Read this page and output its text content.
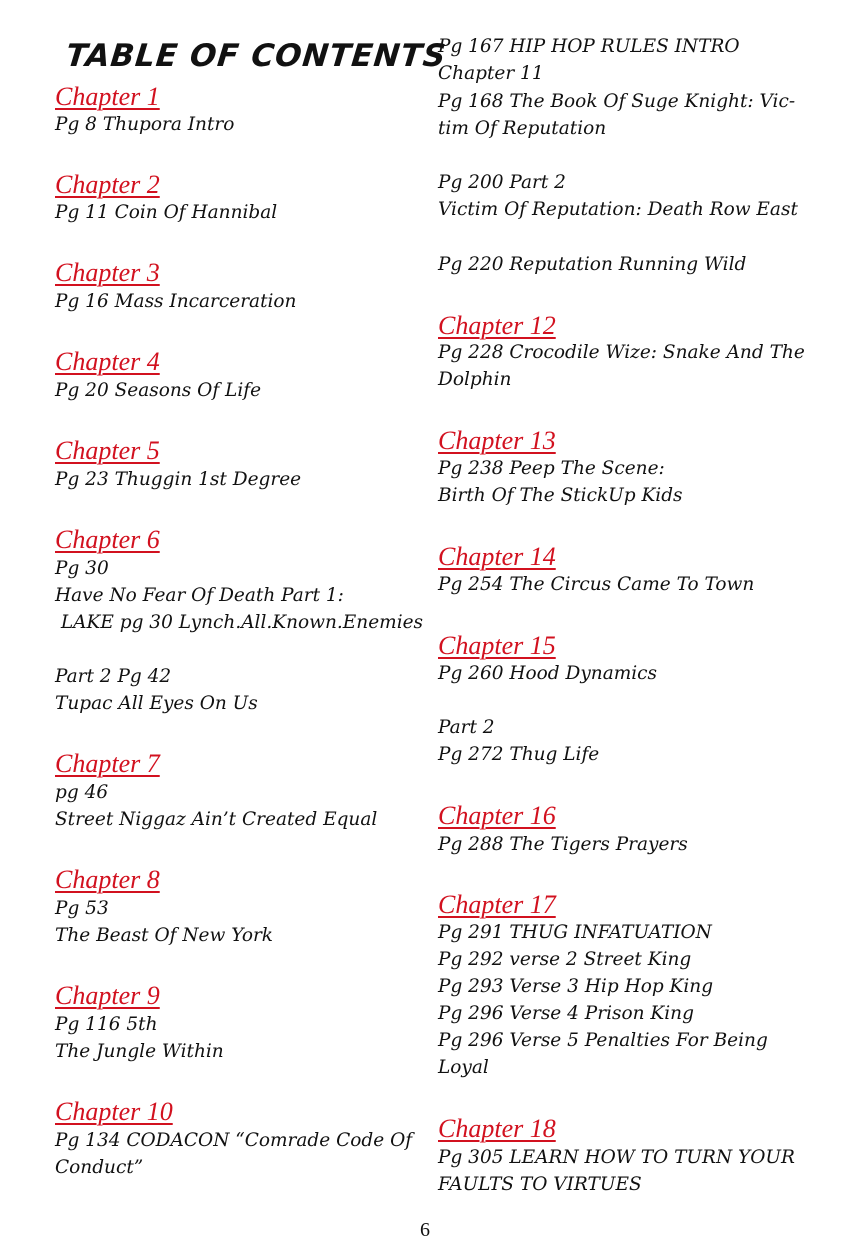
TABLE OF CONTENTS
Chapter 1
Pg 8 Thupora Intro
Chapter 2
Pg 11 Coin Of Hannibal
Chapter 3
Pg 16 Mass Incarceration
Chapter 4
Pg 20 Seasons Of Life
Chapter 5
Pg 23 Thuggin 1st Degree
Chapter 6
Pg 30
Have No Fear Of Death Part 1:
LAKE pg 30 Lynch.All.Known.Enemies
Part 2 Pg 42
Tupac All Eyes On Us
Chapter 7
pg 46
Street Niggaz Ain’t Created Equal
Chapter 8
Pg 53
The Beast Of New York
Chapter 9
Pg 116 5th
The Jungle Within
Chapter 10
Pg 134 CODACON “Comrade Code Of
Conduct”
Pg 167 HIP HOP RULES INTRO
Chapter 11
Pg 168 The Book Of Suge Knight: Vic-
tim Of Reputation
Pg 200 Part 2
Victim Of Reputation: Death Row East
Pg 220 Reputation Running Wild
Chapter 12
Pg 228 Crocodile Wize: Snake And The
Dolphin
Chapter 13
Pg 238 Peep The Scene:
Birth Of The StickUp Kids
Chapter 14
Pg 254 The Circus Came To Town
Chapter 15
Pg 260 Hood Dynamics
Part 2
Pg 272 Thug Life
Chapter 16
Pg 288 The Tigers Prayers
Chapter 17
Pg 291 THUG INFATUATION
Pg 292 verse 2 Street King
Pg 293 Verse 3 Hip Hop King
Pg 296 Verse 4 Prison King
Pg 296 Verse 5 Penalties For Being
Loyal
Chapter 18
Pg 305 LEARN HOW TO TURN YOUR
FAULTS TO VIRTUES
6
